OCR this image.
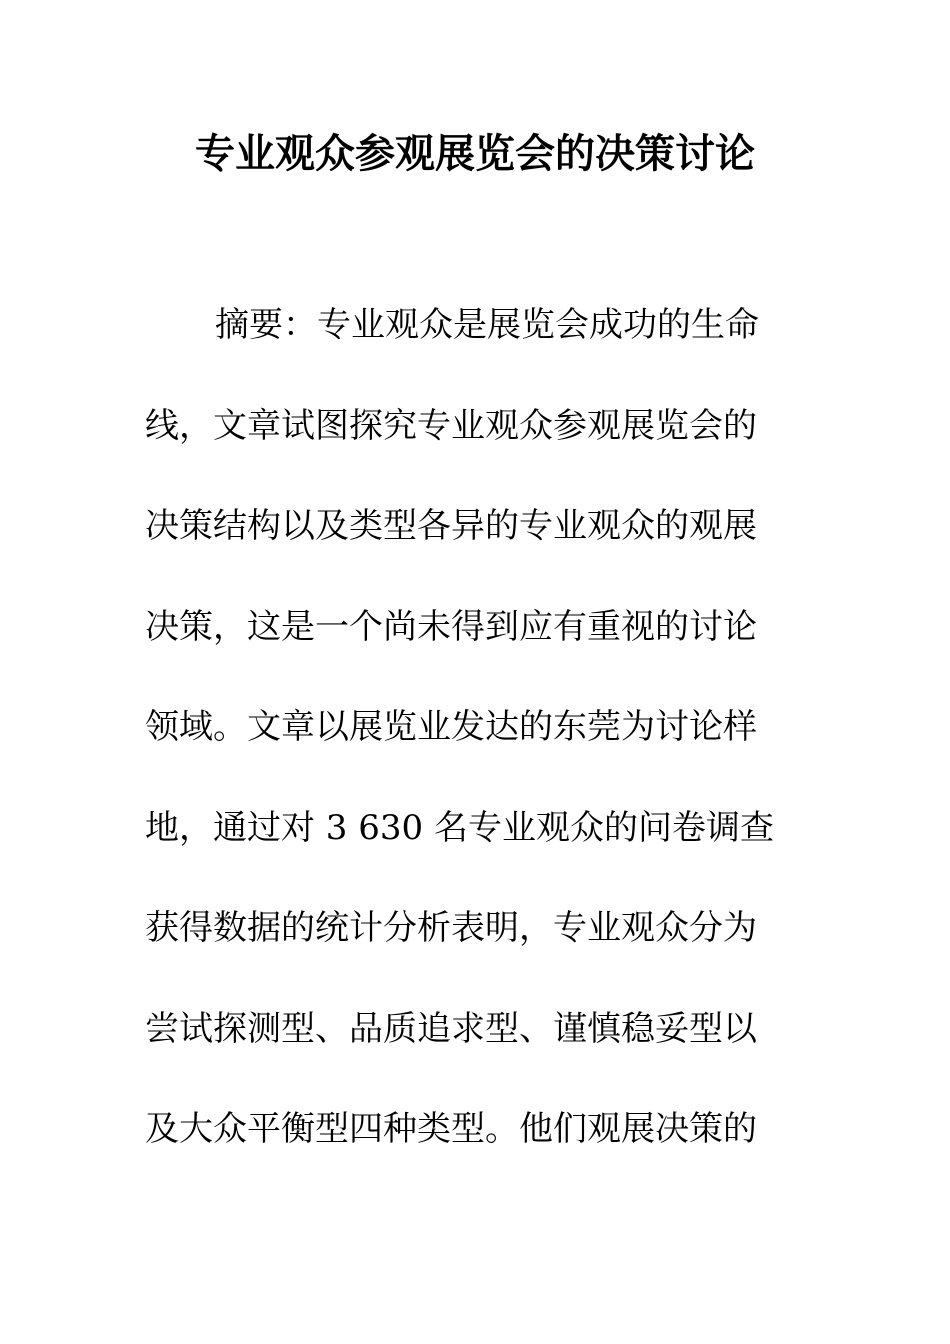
专业观众参观展览会的决策讨论
摘要：专业观众是展览会成功的生命
线，文章试图探究专业观众参观展览会的
决策结构以及类型各异的专业观众的观展
决策，这是一个尚未得到应有重视的讨论
领域。文章以展览业发达的东莞为讨论样
地，通过对 3 630 名专业观众的问卷调查
获得数据的统计分析表明，专业观众分为
尝试探测型、品质追求型、谨慎稳妥型以
及大众平衡型四种类型。他们观展决策的
